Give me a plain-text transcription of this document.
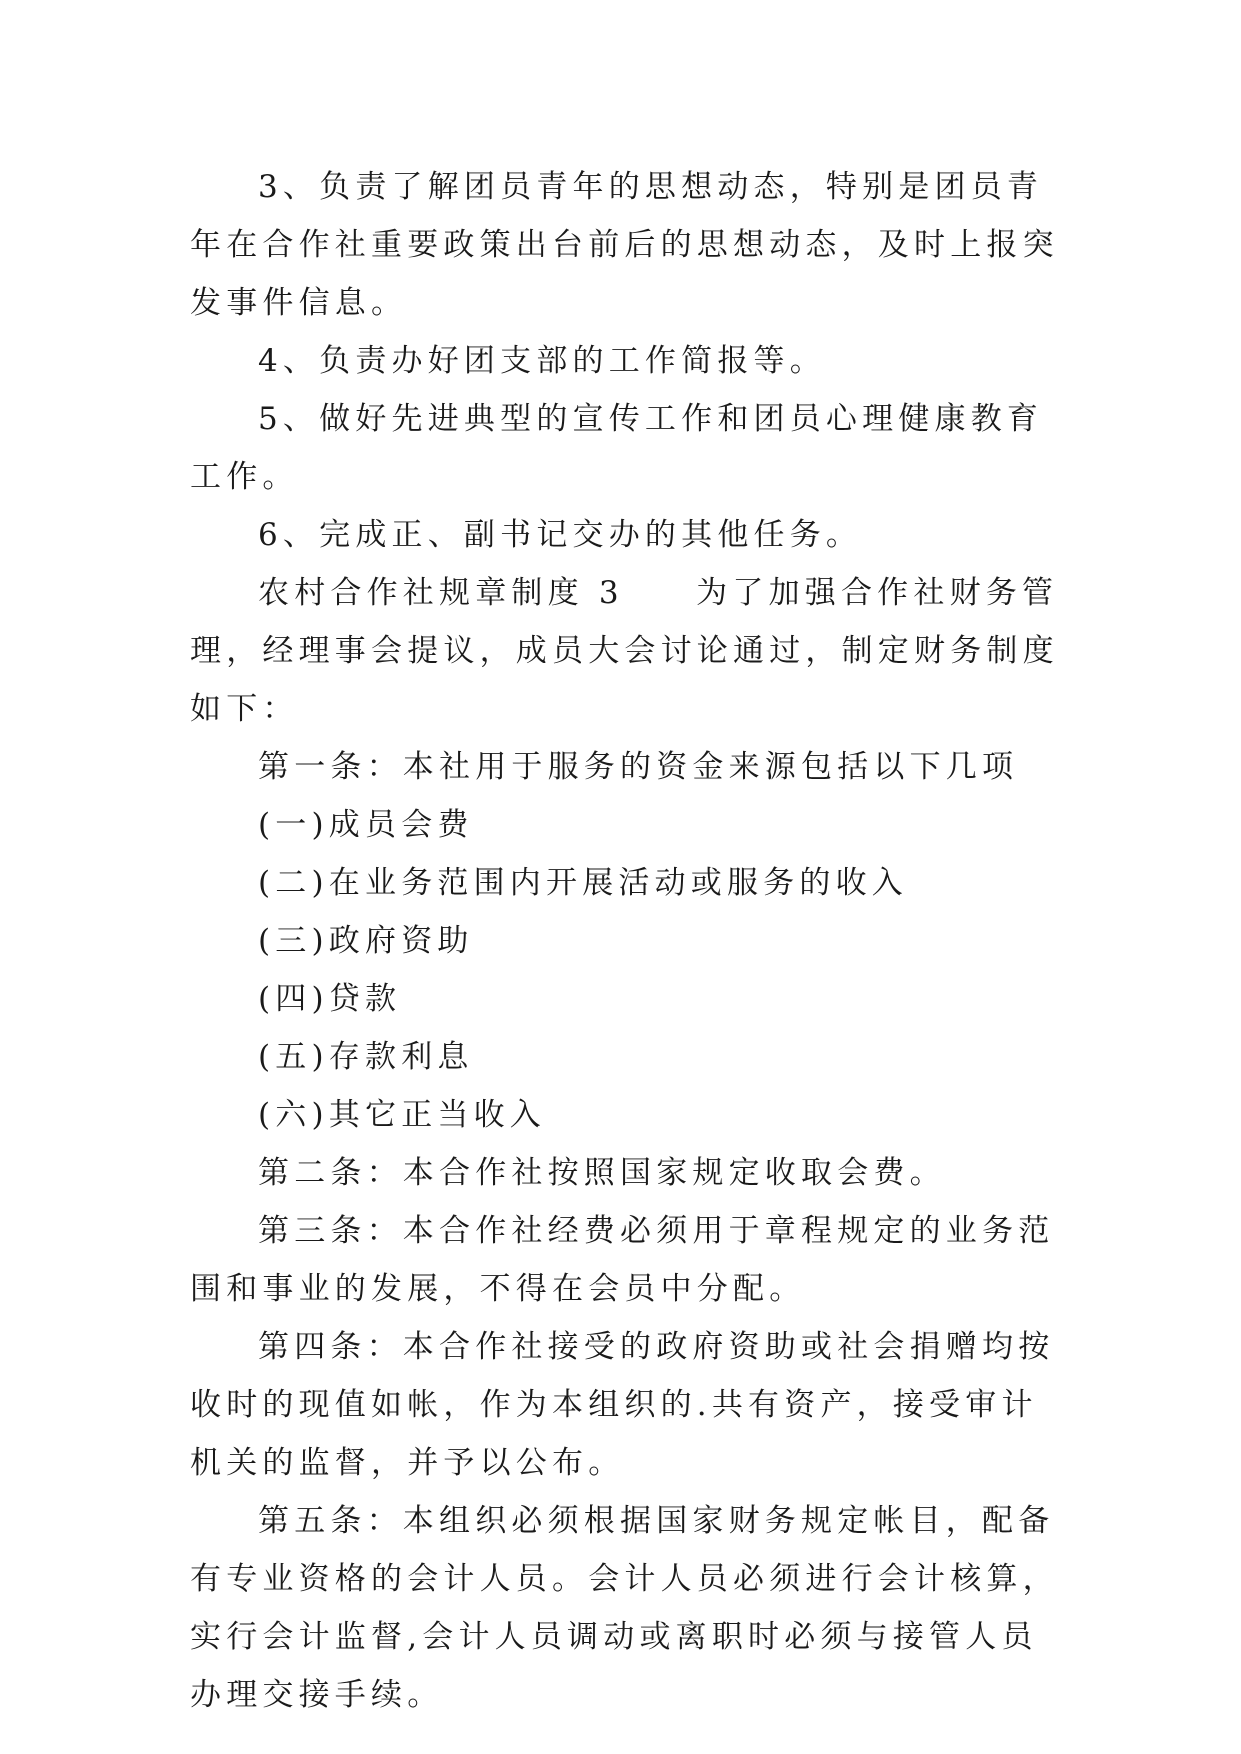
3、负责了解团员青年的思想动态，特别是团员青年在合作社重要政策出台前后的思想动态，及时上报突发事件信息。

4、负责办好团支部的工作简报等。

5、做好先进典型的宣传工作和团员心理健康教育工作。

6、完成正、副书记交办的其他任务。

农村合作社规章制度 3　　为了加强合作社财务管理，经理事会提议，成员大会讨论通过，制定财务制度如下：

第一条：本社用于服务的资金来源包括以下几项

(一)成员会费

(二)在业务范围内开展活动或服务的收入

(三)政府资助

(四)贷款

(五)存款利息

(六)其它正当收入

第二条：本合作社按照国家规定收取会费。

第三条：本合作社经费必须用于章程规定的业务范围和事业的发展，不得在会员中分配。

第四条：本合作社接受的政府资助或社会捐赠均按收时的现值如帐，作为本组织的.共有资产，接受审计机关的监督，并予以公布。

第五条：本组织必须根据国家财务规定帐目，配备有专业资格的会计人员。会计人员必须进行会计核算，实行会计监督,会计人员调动或离职时必须与接管人员办理交接手续。
